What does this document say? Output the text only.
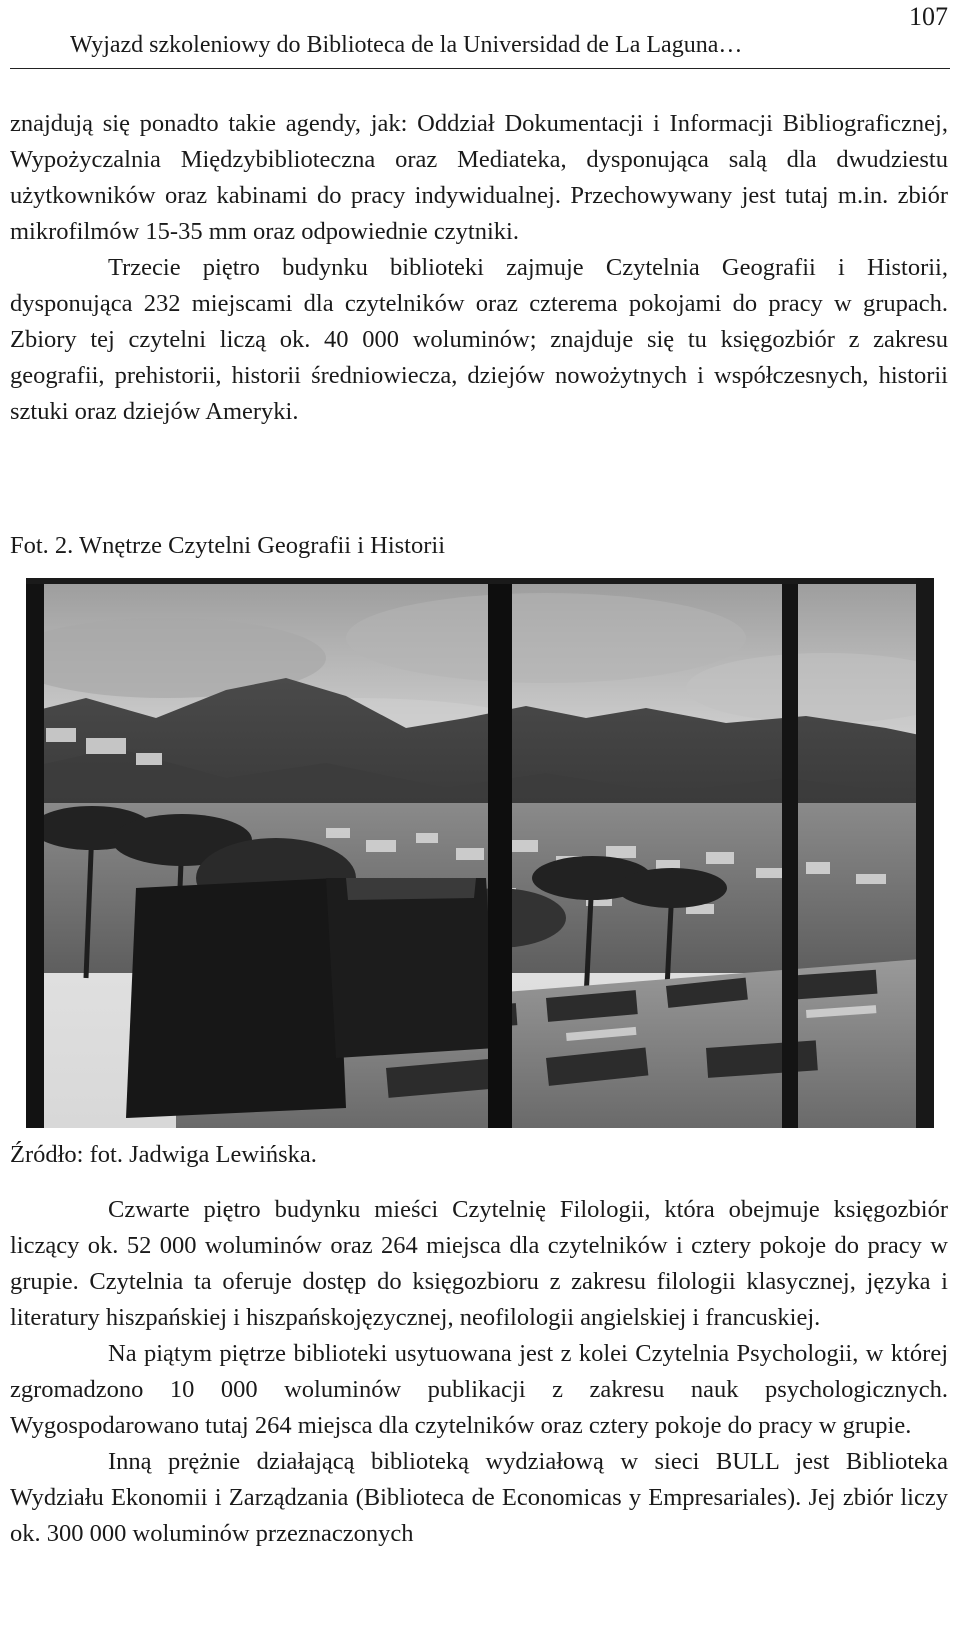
Wyjazd szkoleniowy do Biblioteca de la Universidad de La Laguna…
107

znajdują się ponadto takie agendy, jak: Oddział Dokumentacji i Informacji Bibliograficznej, Wypożyczalnia Międzybiblioteczna oraz Mediateka, dysponująca salą dla dwudziestu użytkowników oraz kabinami do pracy indywidualnej. Przechowywany jest tutaj m.in. zbiór mikrofilmów 15-35 mm oraz odpowiednie czytniki.

Trzecie piętro budynku biblioteki zajmuje Czytelnia Geografii i Historii, dysponująca 232 miejscami dla czytelników oraz czterema pokojami do pracy w grupach. Zbiory tej czytelni liczą ok. 40 000 woluminów; znajduje się tu księgozbiór z zakresu geografii, prehistorii, historii średniowiecza, dziejów nowożytnych i współczesnych, historii sztuki oraz dziejów Ameryki.

Fot. 2. Wnętrze Czytelni Geografii i Historii
Źródło: fot. Jadwiga Lewińska.

Czwarte piętro budynku mieści Czytelnię Filologii, która obejmuje księgozbiór liczący ok. 52 000 woluminów oraz 264 miejsca dla czytelników i cztery pokoje do pracy w grupie. Czytelnia ta oferuje dostęp do księgozbioru z zakresu filologii klasycznej, języka i literatury hiszpańskiej i hiszpańskojęzycznej, neofilologii angielskiej i francuskiej.

Na piątym piętrze biblioteki usytuowana jest z kolei Czytelnia Psychologii, w której zgromadzono 10 000 woluminów publikacji z zakresu nauk psychologicznych. Wygospodarowano tutaj 264 miejsca dla czytelników oraz cztery pokoje do pracy w grupie.

Inną prężnie działającą biblioteką wydziałową w sieci BULL jest Biblioteka Wydziału Ekonomii i Zarządzania (Biblioteca de Economicas y Empresariales). Jej zbiór liczy ok. 300 000 woluminów przeznaczonych
